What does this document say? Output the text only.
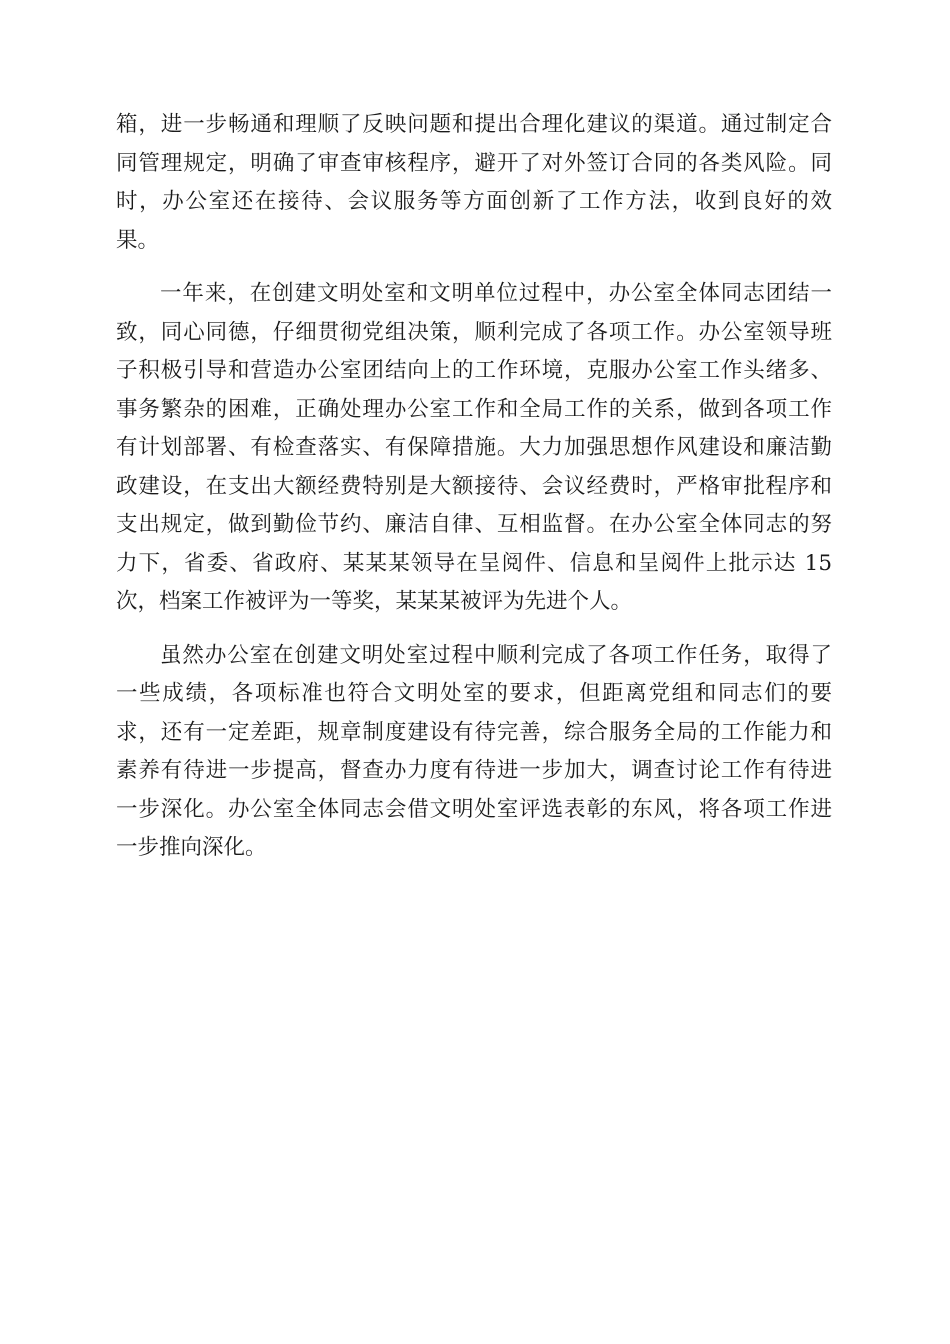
箱，进一步畅通和理顺了反映问题和提出合理化建议的渠道。通过制定合
同管理规定，明确了审查审核程序，避开了对外签订合同的各类风险。同
时，办公室还在接待、会议服务等方面创新了工作方法，收到良好的效
果。
一年来，在创建文明处室和文明单位过程中，办公室全体同志团结一
致，同心同德，仔细贯彻党组决策，顺利完成了各项工作。办公室领导班
子积极引导和营造办公室团结向上的工作环境，克服办公室工作头绪多、
事务繁杂的困难，正确处理办公室工作和全局工作的关系，做到各项工作
有计划部署、有检查落实、有保障措施。大力加强思想作风建设和廉洁勤
政建设，在支出大额经费特别是大额接待、会议经费时，严格审批程序和
支出规定，做到勤俭节约、廉洁自律、互相监督。在办公室全体同志的努
力下，省委、省政府、某某某领导在呈阅件、信息和呈阅件上批示达 15
次，档案工作被评为一等奖，某某某被评为先进个人。
虽然办公室在创建文明处室过程中顺利完成了各项工作任务，取得了
一些成绩，各项标准也符合文明处室的要求，但距离党组和同志们的要
求，还有一定差距，规章制度建设有待完善，综合服务全局的工作能力和
素养有待进一步提高，督查办力度有待进一步加大，调查讨论工作有待进
一步深化。办公室全体同志会借文明处室评选表彰的东风，将各项工作进
一步推向深化。
